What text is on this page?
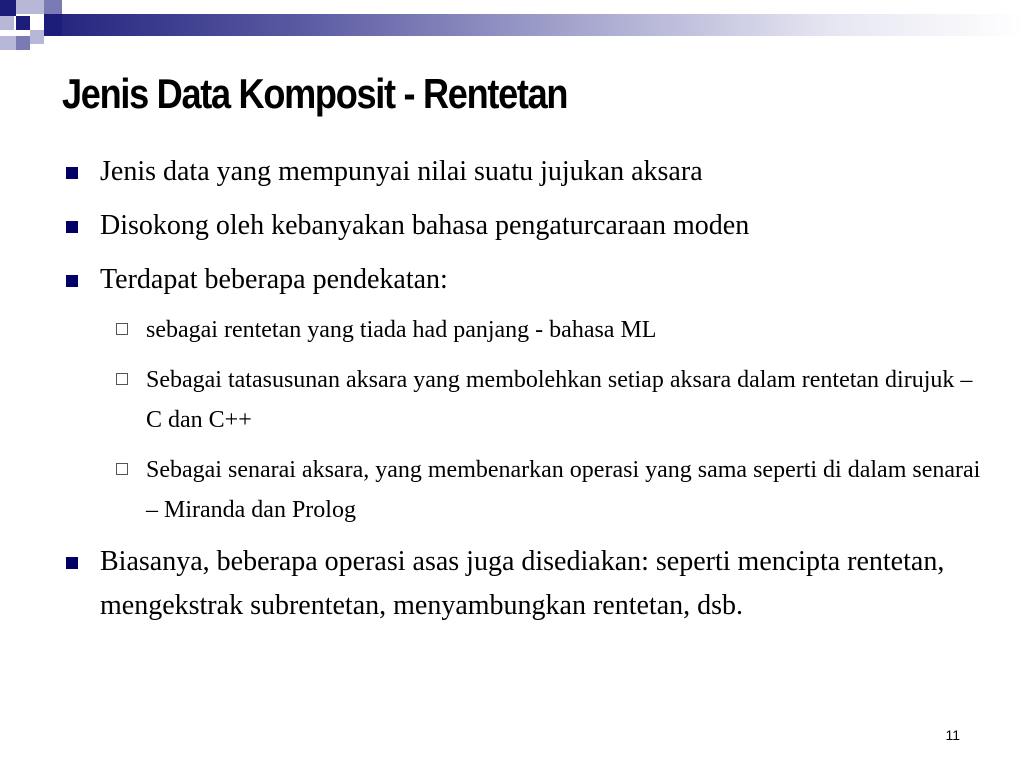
Jenis Data Komposit - Rentetan
Jenis data yang mempunyai nilai suatu jujukan aksara
Disokong oleh kebanyakan bahasa pengaturcaraan moden
Terdapat beberapa pendekatan:
sebagai rentetan yang tiada had panjang - bahasa ML
Sebagai tatasusunan aksara yang membolehkan setiap aksara dalam rentetan dirujuk – C dan C++
Sebagai senarai aksara, yang membenarkan operasi yang sama seperti di dalam senarai – Miranda dan Prolog
Biasanya, beberapa operasi asas juga disediakan: seperti mencipta rentetan, mengekstrak subrentetan, menyambungkan rentetan, dsb.
11
